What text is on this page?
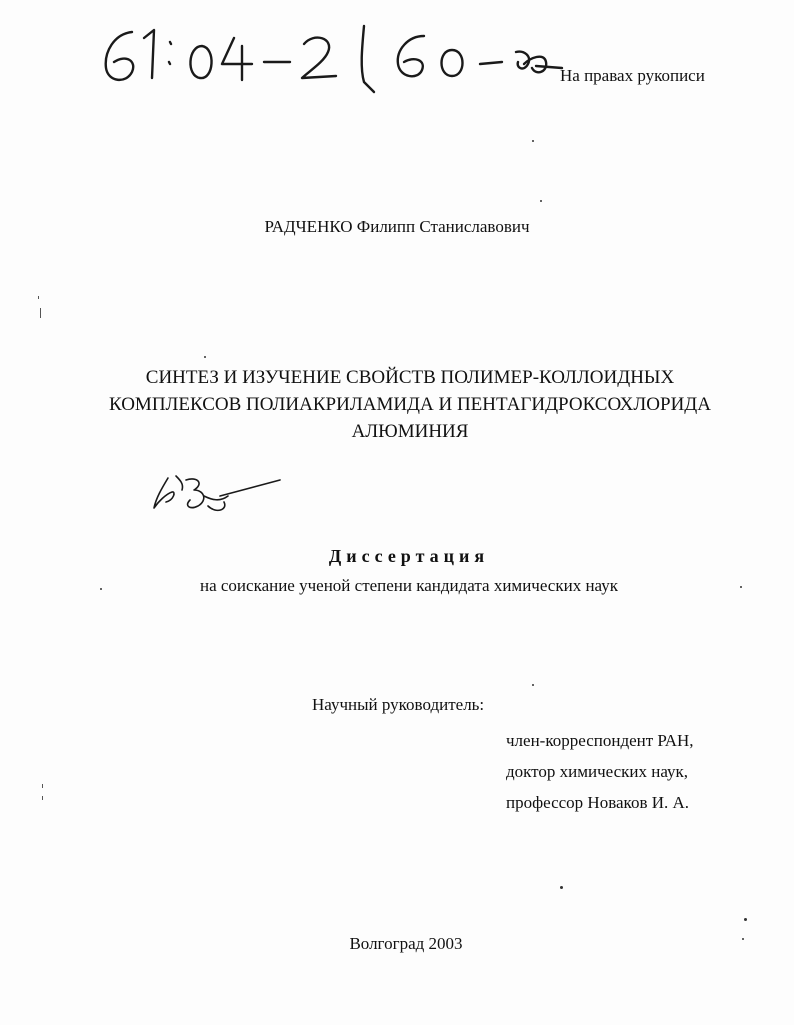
На правах рукописи
РАДЧЕНКО Филипп Станиславович
СИНТЕЗ И ИЗУЧЕНИЕ СВОЙСТВ ПОЛИМЕР-КОЛЛОИДНЫХ
КОМПЛЕКСОВ ПОЛИАКРИЛАМИДА И ПЕНТАГИДРОКСОХЛОРИДА
АЛЮМИНИЯ
Диссертация
на соискание ученой степени кандидата химических наук
Научный руководитель:
член-корреспондент РАН,
доктор химических наук,
профессор Новаков И. А.
Волгоград 2003
